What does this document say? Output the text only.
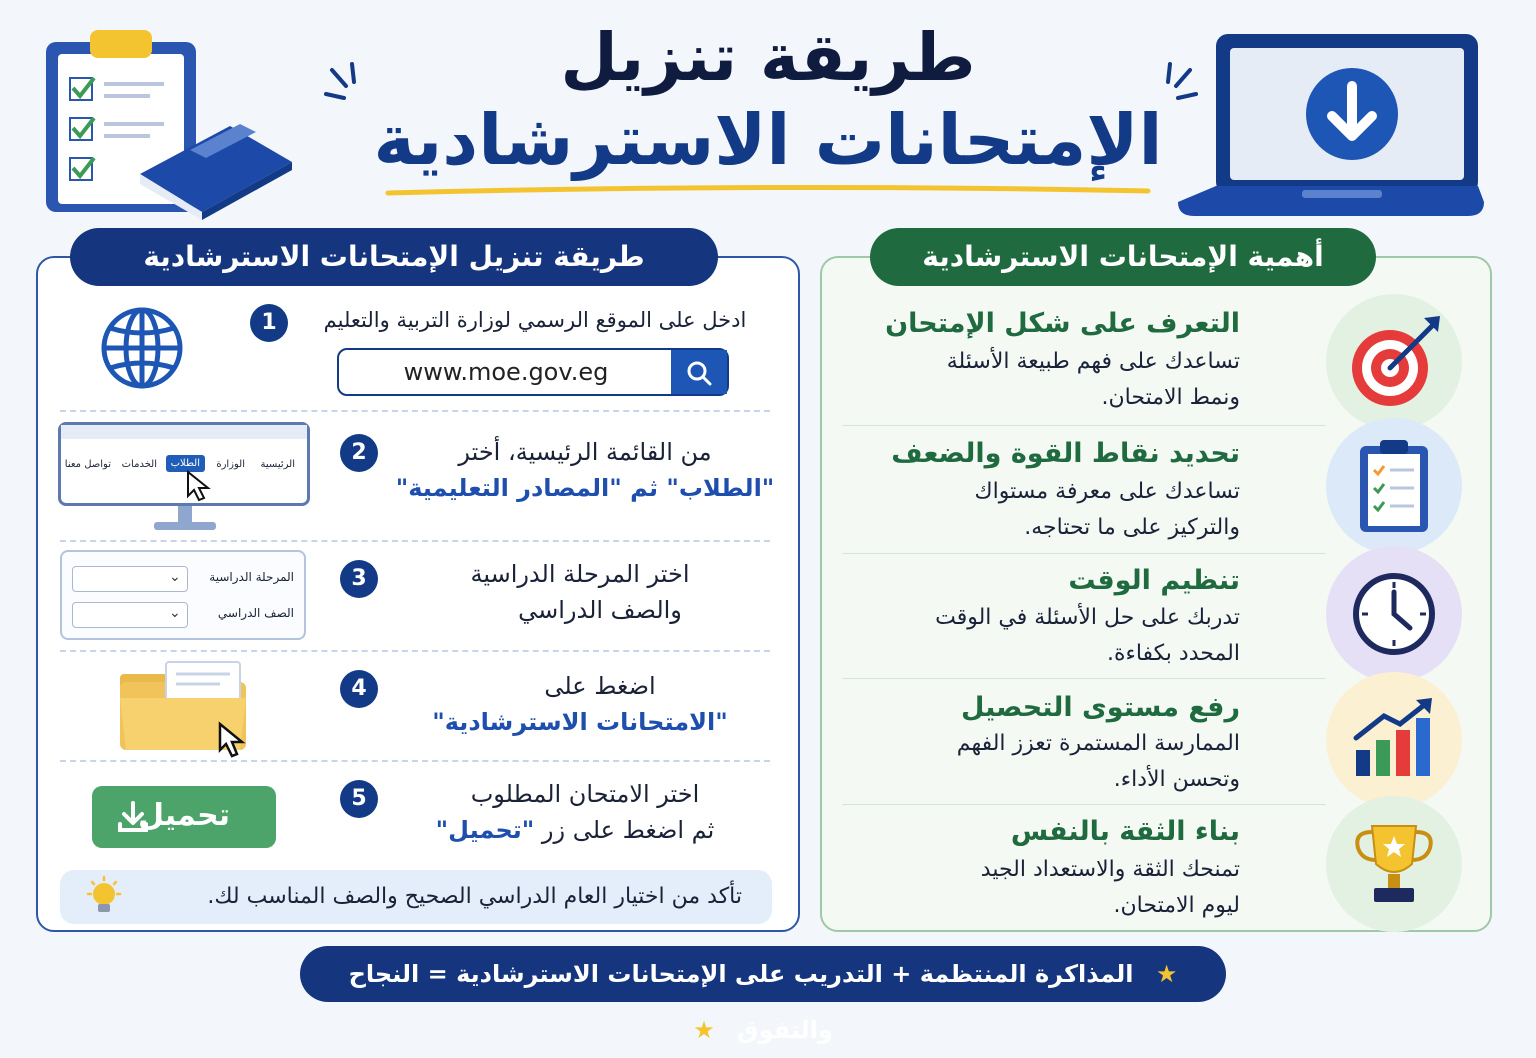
طريقة تنزيل
الإمتحانات الاسترشادية
طريقة تنزيل الإمتحانات الاسترشادية
1	ادخل على الموقع الرسمي لوزارة التربية والتعليم
www.moe.gov.eg
2	من القائمة الرئيسية، أختر
"الطلاب" ثم "المصادر التعليمية"
الرئيسية
الوزارة
الطلاب
الخدمات
تواصل معنا
3	اختر المرحلة الدراسية
والصف الدراسي
المرحلة الدراسية
⌄
الصف الدراسي
⌄
4	اضغط على
"الامتحانات الاسترشادية"
5	اختر الامتحان المطلوب
ثم اضغط على زر "تحميل"
تحميل
تأكد من اختيار العام الدراسي الصحيح والصف المناسب لك.
أهمية الإمتحانات الاسترشادية
التعرف على شكل الإمتحان
تساعدك على فهم طبيعة الأسئلة
ونمط الامتحان.
تحديد نقاط القوة والضعف
تساعدك على معرفة مستواك
والتركيز على ما تحتاجه.
تنظيم الوقت
تدربك على حل الأسئلة في الوقت
المحدد بكفاءة.
رفع مستوى التحصيل
الممارسة المستمرة تعزز الفهم
وتحسن الأداء.
بناء الثقة بالنفس
تمنحك الثقة والاستعداد الجيد
ليوم الامتحان.
★ المذاكرة المنتظمة + التدريب على الإمتحانات الاسترشادية = النجاح والتفوق ★
